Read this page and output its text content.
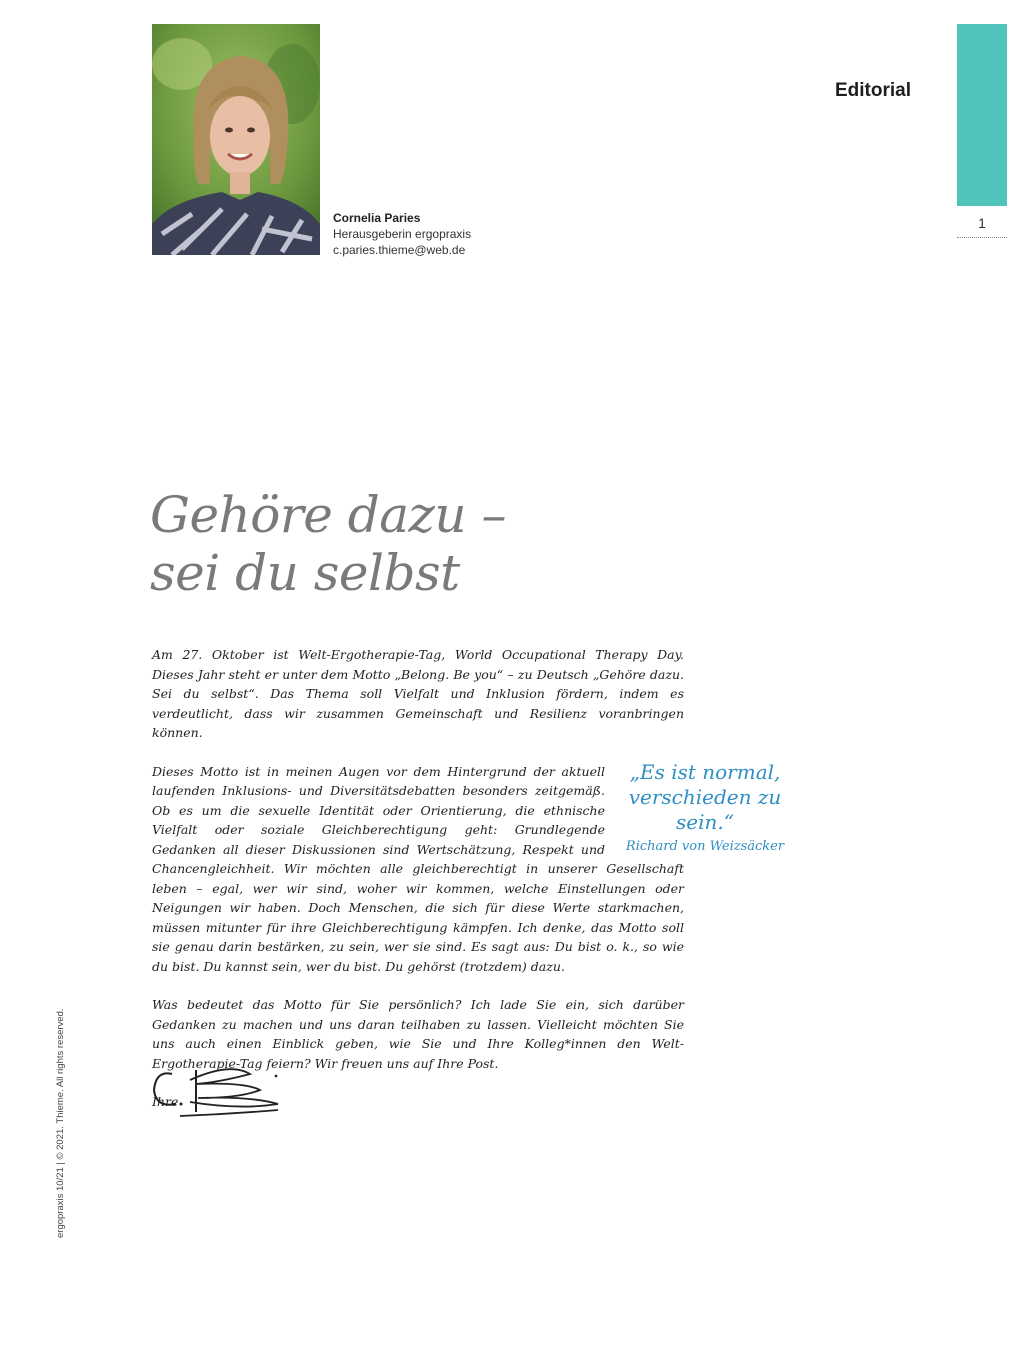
Cornelia Paries
Herausgeberin ergopraxis
c.paries.thieme@web.de
Editorial
1
Gehöre dazu –
sei du selbst

Am 27. Oktober ist Welt-Ergotherapie-Tag, World Occupational Therapy Day. Dieses Jahr steht er unter dem Motto „Belong. Be you“ – zu Deutsch „Gehöre dazu. Sei du selbst“. Das Thema soll Vielfalt und Inklusion fördern, indem es verdeutlicht, dass wir zusammen Gemeinschaft und Resilienz voranbringen können.

„Es ist normal, verschieden zu sein.“
Richard von Weizsäcker

Dieses Motto ist in meinen Augen vor dem Hintergrund der aktuell laufenden Inklusions- und Diversitätsdebatten besonders zeitgemäß. Ob es um die sexuelle Identität oder Orientierung, die ethnische Vielfalt oder soziale Gleichberechtigung geht: Grundlegende Gedanken all dieser Diskussionen sind Wertschätzung, Respekt und Chancengleichheit. Wir möchten alle gleichberechtigt in unserer Gesellschaft leben – egal, wer wir sind, woher wir kommen, welche Einstellungen oder Neigungen wir haben. Doch Menschen, die sich für diese Werte starkmachen, müssen mitunter für ihre Gleichberechtigung kämpfen. Ich denke, das Motto soll sie genau darin bestärken, zu sein, wer sie sind. Es sagt aus: Du bist o. k., so wie du bist. Du kannst sein, wer du bist. Du gehörst (trotzdem) dazu.

Was bedeutet das Motto für Sie persönlich? Ich lade Sie ein, sich darüber Gedanken zu machen und uns daran teilhaben zu lassen. Vielleicht möchten Sie uns auch einen Einblick geben, wie Sie und Ihre Kolleg*innen den Welt-Ergotherapie-Tag feiern? Wir freuen uns auf Ihre Post.

Ihre

ergopraxis 10/21 | © 2021. Thieme. All rights reserved.
